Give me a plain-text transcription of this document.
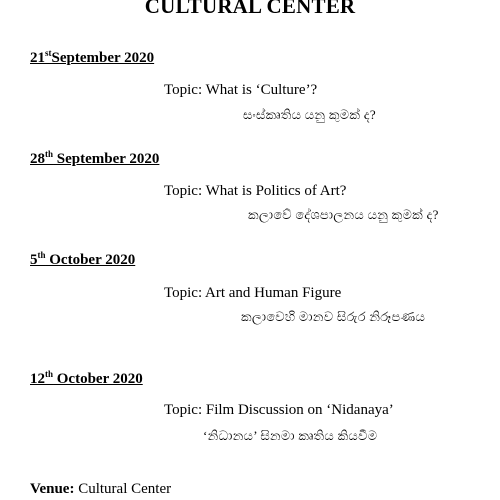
CULTURAL CENTER
21stSeptember 2020
Topic: What is ‘Culture’?
සංස්කෘතිය යනු කුමක් ද?
28th September 2020
Topic: What is Politics of Art?
කලාවේ දේශපාලනය යනු කුමක් ද?
5th October 2020
Topic: Art and Human Figure
කලාවෙහි මානව සිරුර නිරූපණය
12th October 2020
Topic: Film Discussion on ‘Nidanaya’
‘නිධානය’ සිනමා කෘතිය කියවීම
Venue: Cultural Center
